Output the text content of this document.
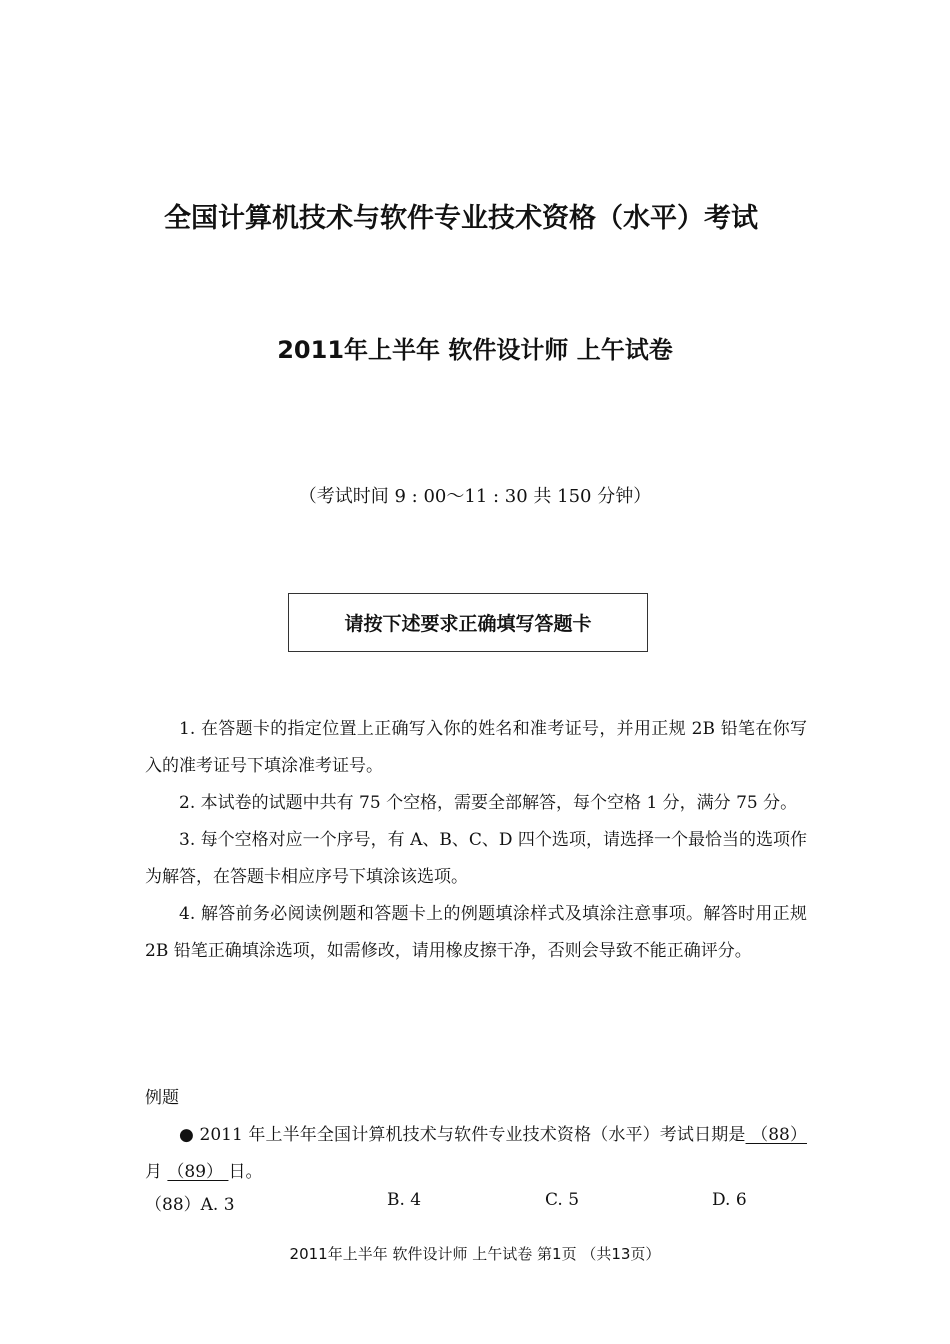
全国计算机技术与软件专业技术资格（水平）考试
2011年上半年 软件设计师 上午试卷
（考试时间 9 : 00～11 : 30 共 150 分钟）
请按下述要求正确填写答题卡

1. 在答题卡的指定位置上正确写入你的姓名和准考证号，并用正规 2B 铅笔在你写入的准考证号下填涂准考证号。

2. 本试卷的试题中共有 75 个空格，需要全部解答，每个空格 1 分，满分 75 分。

3. 每个空格对应一个序号，有 A、B、C、D 四个选项，请选择一个最恰当的选项作为解答，在答题卡相应序号下填涂该选项。

4. 解答前务必阅读例题和答题卡上的例题填涂样式及填涂注意事项。解答时用正规 2B 铅笔正确填涂选项，如需修改，请用橡皮擦干净，否则会导致不能正确评分。

例题
● 2011 年上半年全国计算机技术与软件专业技术资格（水平）考试日期是 （88） 月 （89） 日。
（88）A. 3	B. 4	C. 5	D. 6
2011年上半年 软件设计师 上午试卷 第1页 （共13页）
